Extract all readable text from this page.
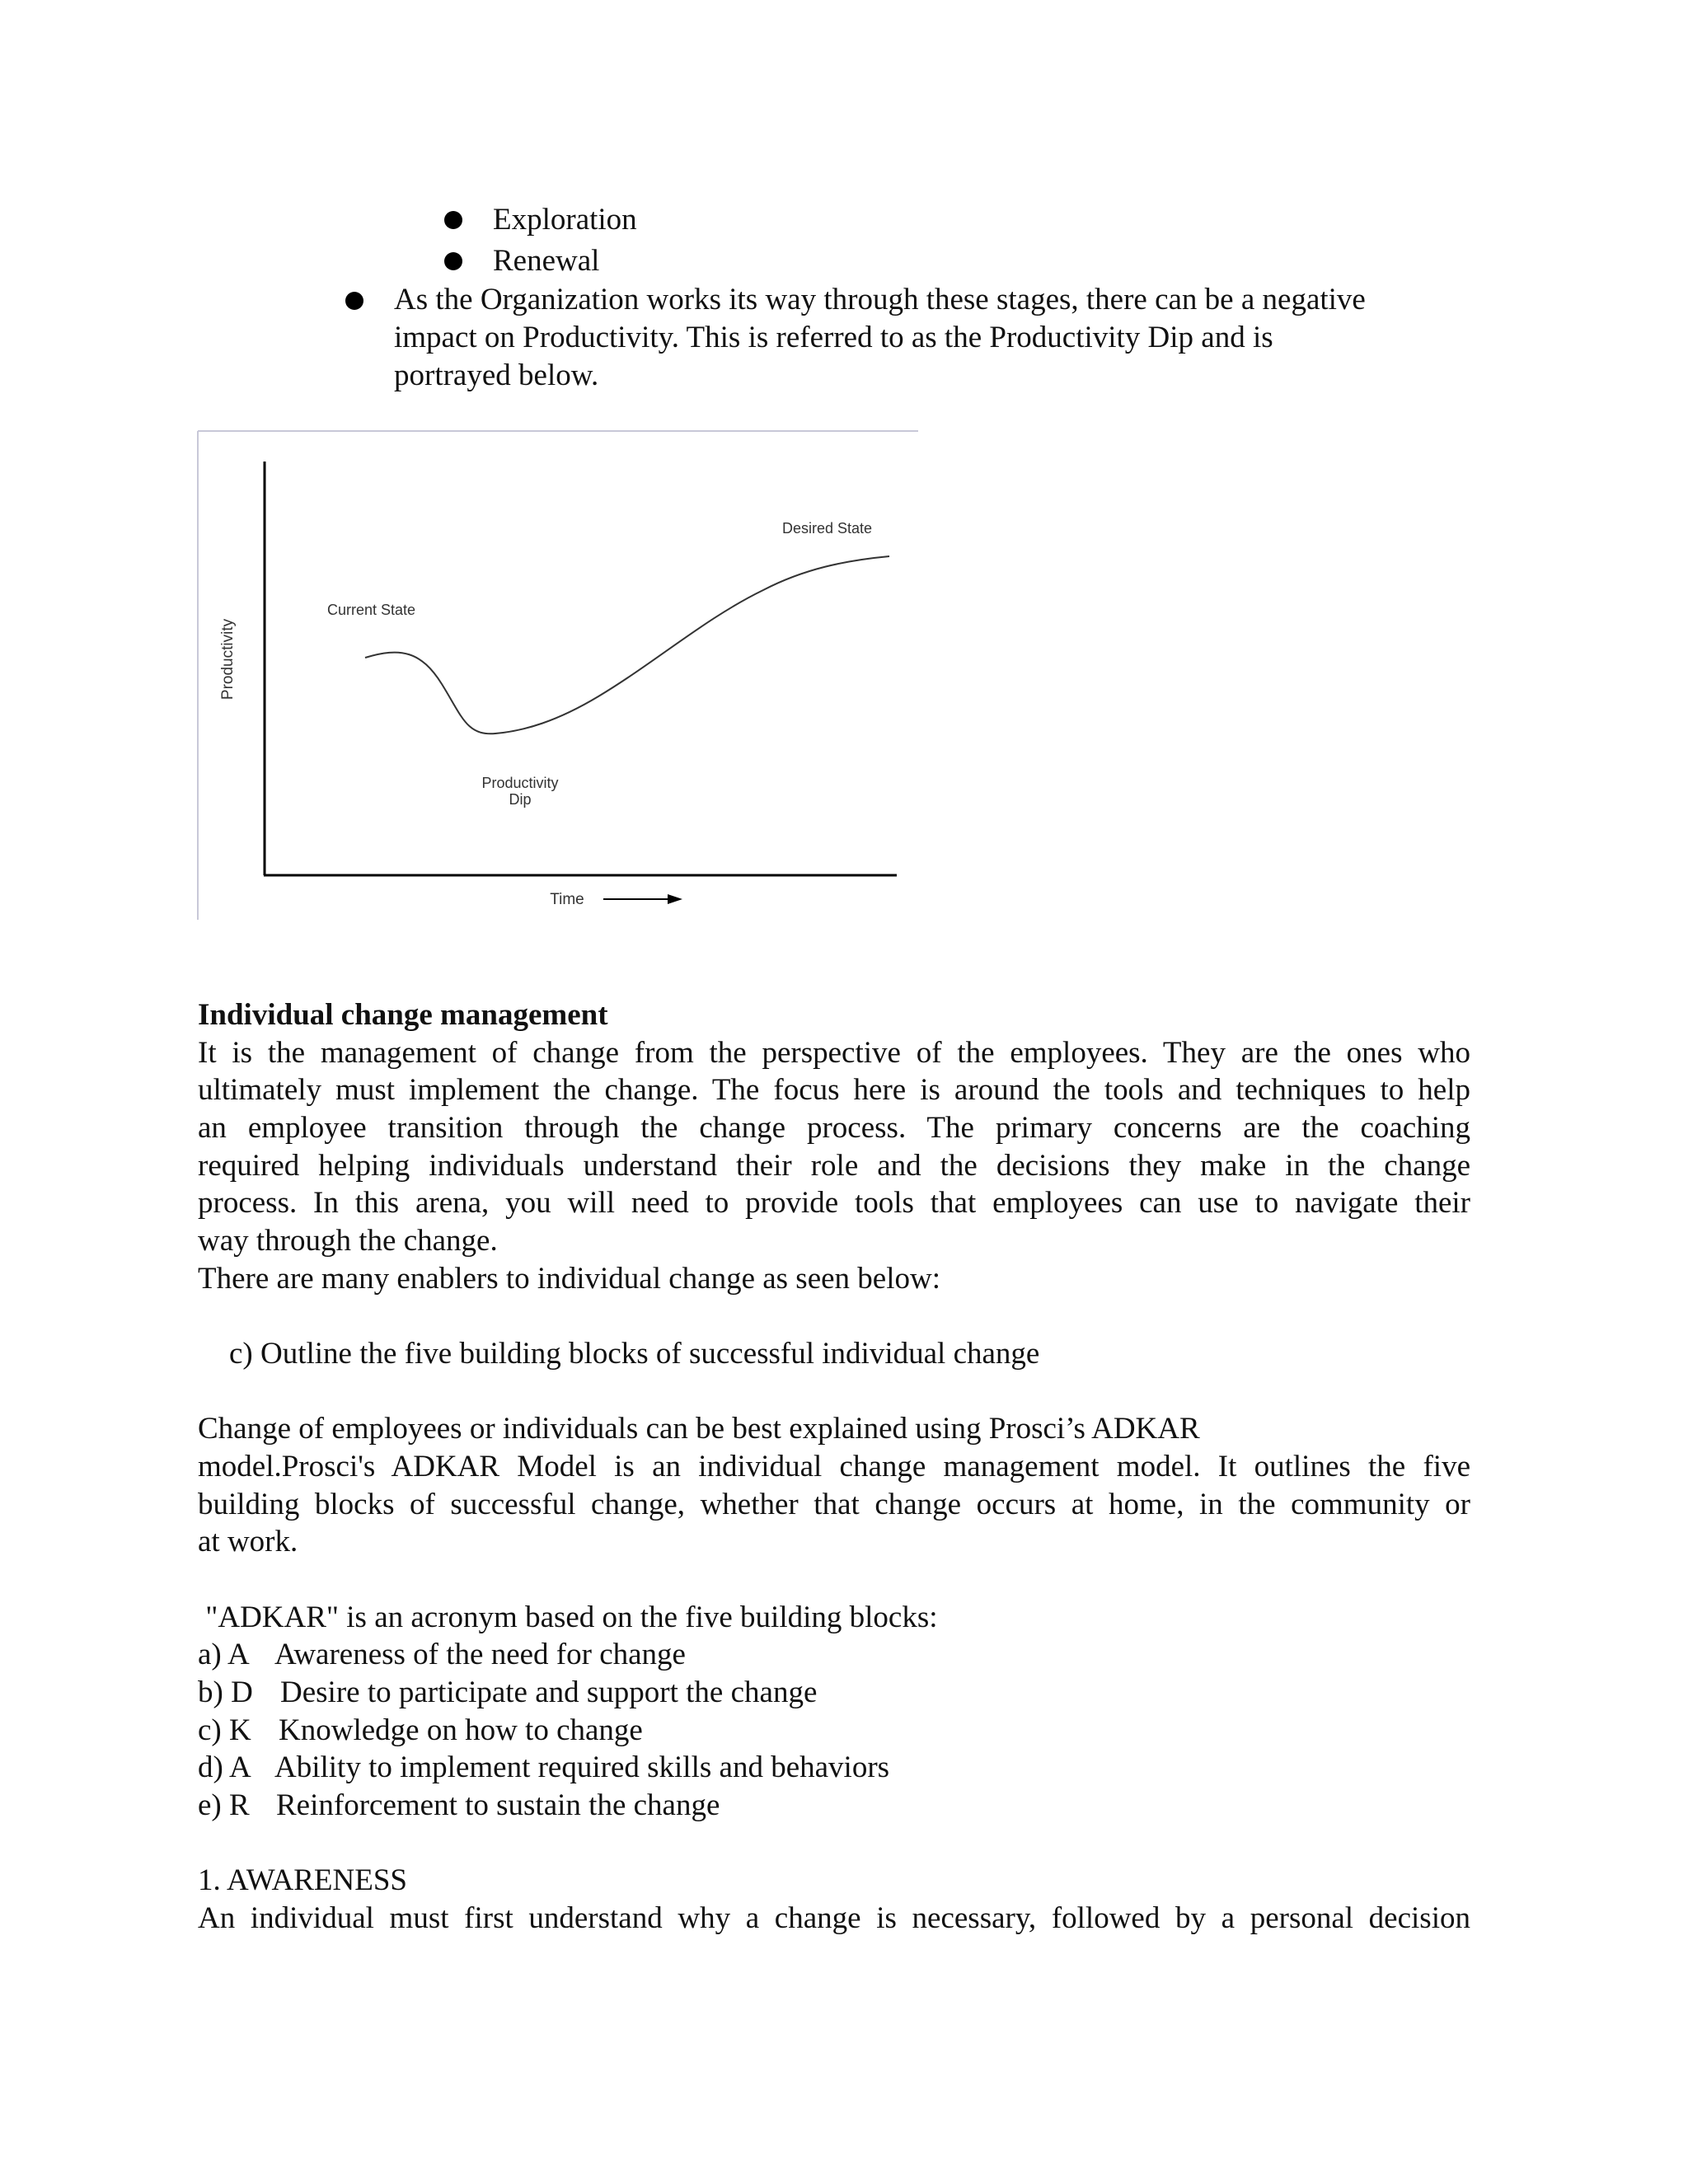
Exploration
Renewal
As the Organization works its way through these stages, there can be a negative
impact on Productivity. This is referred to as the Productivity Dip and is
portrayed below.
Productivity
Time
Current State
Desired State
Productivity
Dip
Individual change management
It is the management of change from the perspective of the employees. They are the ones who
ultimately must implement the change. The focus here is around the tools and techniques to help
an employee transition through the change process. The primary concerns are the coaching
required helping individuals understand their role and the decisions they make in the change
process. In this arena, you will need to provide tools that employees can use to navigate their
way through the change.
There are many enablers to individual change as seen below:
c) Outline the five building blocks of successful individual change
Change of employees or individuals can be best explained using Prosci’s ADKAR
model.Prosci's ADKAR Model is an individual change management model. It outlines the five
building blocks of successful change, whether that change occurs at home, in the community or
at work.
"ADKAR" is an acronym based on the five building blocks:
a) A Awareness of the need for change
b) D Desire to participate and support the change
c) K Knowledge on how to change
d) A Ability to implement required skills and behaviors
e) R Reinforcement to sustain the change
1. AWARENESS
An individual must first understand why a change is necessary, followed by a personal decision
